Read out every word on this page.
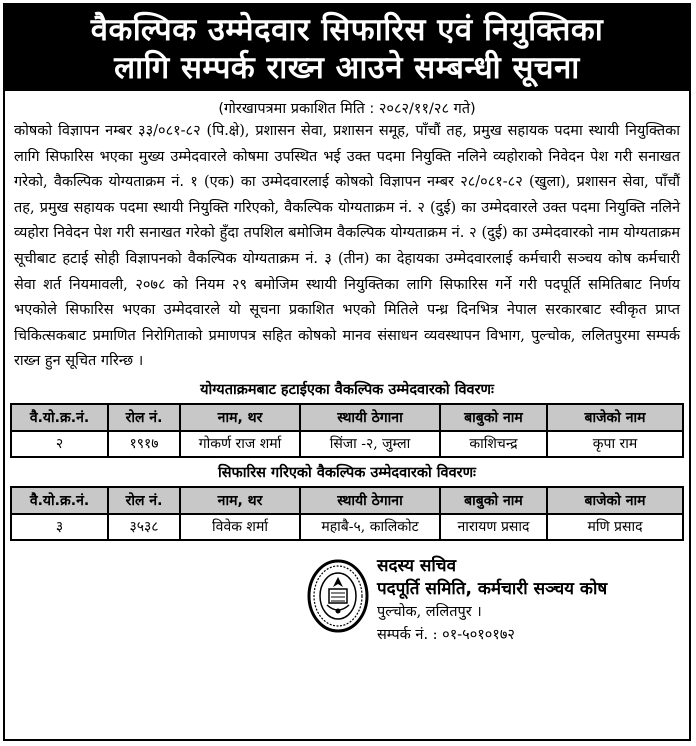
वैकल्पिक उम्मेदवार सिफारिस एवं नियुक्तिका
लागि सम्पर्क राख्न आउने सम्बन्धी सूचना
(गोरखापत्रमा प्रकाशित मिति : २०८२/११/२८ गते)
कोषको विज्ञापन नम्बर ३३/०८१-८२ (पि.क्षे), प्रशासन सेवा, प्रशासन समूह, पाँचौं तह, प्रमुख सहायक पदमा स्थायी नियुक्तिका लागि सिफारिस भएका मुख्य उम्मेदवारले कोषमा उपस्थित भई उक्त पदमा नियुक्ति नलिने व्यहोराको निवेदन पेश गरी सनाखत गरेको, वैकल्पिक योग्यताक्रम नं. १ (एक) का उम्मेदवारलाई कोषको विज्ञापन नम्बर २८/०८१-८२ (खुला), प्रशासन सेवा, पाँचौं तह, प्रमुख सहायक पदमा स्थायी नियुक्ति गरिएको, वैकल्पिक योग्यताक्रम नं. २ (दुई) का उम्मेदवारले उक्त पदमा नियुक्ति नलिने व्यहोरा निवेदन पेश गरी सनाखत गरेको हुँदा तपशिल बमोजिम वैकल्पिक योग्यताक्रम नं. २ (दुई) का उम्मेदवारको नाम योग्यताक्रम सूचीबाट हटाई सोही विज्ञापनको वैकल्पिक योग्यताक्रम नं. ३ (तीन) का देहायका उम्मेदवारलाई कर्मचारी सञ्चय कोष कर्मचारी सेवा शर्त नियमावली, २०७८ को नियम २९ बमोजिम स्थायी नियुक्तिका लागि सिफारिस गर्ने गरी पदपूर्ति समितिबाट निर्णय भएकोले सिफारिस भएका उम्मेदवारले यो सूचना प्रकाशित भएको मितिले पन्ध्र दिनभित्र नेपाल सरकारबाट स्वीकृत प्राप्त चिकित्सकबाट प्रमाणित निरोगिताको प्रमाणपत्र सहित कोषको मानव संसाधन व्यवस्थापन विभाग, पुल्चोक, ललितपुरमा सम्पर्क राख्न हुन सूचित गरिन्छ ।
योग्यताक्रमबाट हटाईएका वैकल्पिक उम्मेदवारको विवरणः
वै.यो.क्र.नं.	रोल नं.	नाम, थर	स्थायी ठेगाना	बाबुको नाम	बाजेको नाम
२	१९१७	गोकर्ण राज शर्मा	सिंजा -२, जुम्ला	काशिचन्द्र	कृपा राम
सिफारिस गरिएको वैकल्पिक उम्मेदवारको विवरणः
वै.यो.क्र.नं.	रोल नं.	नाम, थर	स्थायी ठेगाना	बाबुको नाम	बाजेको नाम
३	३५३८	विवेक शर्मा	महाबै-५, कालिकोट	नारायण प्रसाद	मणि प्रसाद
सदस्य सचिव
पदपूर्ति समिति, कर्मचारी सञ्चय कोष
पुल्चोक, ललितपुर ।
सम्पर्क नं. : ०१-५०१०१७२
